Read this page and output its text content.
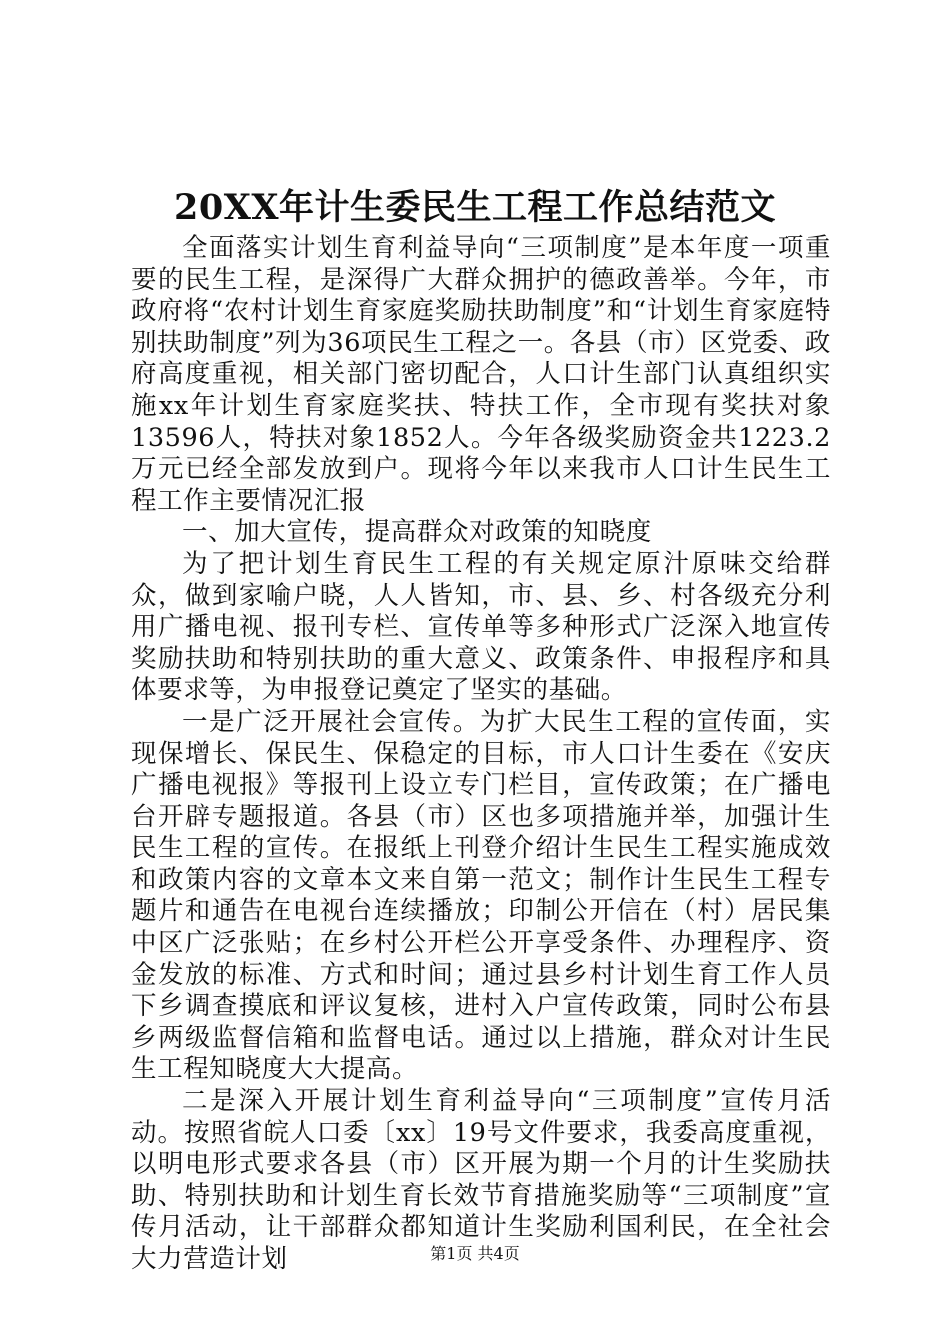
20XX年计生委民生工程工作总结范文

全面落实计划生育利益导向“三项制度”是本年度一项重要的民生工程，是深得广大群众拥护的德政善举。今年，市政府将“农村计划生育家庭奖励扶助制度”和“计划生育家庭特别扶助制度”列为36项民生工程之一。各县（市）区党委、政府高度重视，相关部门密切配合，人口计生部门认真组织实施xx年计划生育家庭奖扶、特扶工作，全市现有奖扶对象13596人，特扶对象1852人。今年各级奖励资金共1223.2万元已经全部发放到户。现将今年以来我市人口计生民生工程工作主要情况汇报

一、加大宣传，提高群众对政策的知晓度

为了把计划生育民生工程的有关规定原汁原味交给群众，做到家喻户晓，人人皆知，市、县、乡、村各级充分利用广播电视、报刊专栏、宣传单等多种形式广泛深入地宣传奖励扶助和特别扶助的重大意义、政策条件、申报程序和具体要求等，为申报登记奠定了坚实的基础。

一是广泛开展社会宣传。为扩大民生工程的宣传面，实现保增长、保民生、保稳定的目标，市人口计生委在《安庆广播电视报》等报刊上设立专门栏目，宣传政策；在广播电台开辟专题报道。各县（市）区也多项措施并举，加强计生民生工程的宣传。在报纸上刊登介绍计生民生工程实施成效和政策内容的文章本文来自第一范文；制作计生民生工程专题片和通告在电视台连续播放；印制公开信在（村）居民集中区广泛张贴；在乡村公开栏公开享受条件、办理程序、资金发放的标准、方式和时间；通过县乡村计划生育工作人员下乡调查摸底和评议复核，进村入户宣传政策，同时公布县乡两级监督信箱和监督电话。通过以上措施，群众对计生民生工程知晓度大大提高。

二是深入开展计划生育利益导向“三项制度”宣传月活动。按照省皖人口委〔xx〕19号文件要求，我委高度重视，以明电形式要求各县（市）区开展为期一个月的计生奖励扶助、特别扶助和计划生育长效节育措施奖励等“三项制度”宣传月活动，让干部群众都知道计生奖励利国利民，在全社会大力营造计划	第1页 共4页
